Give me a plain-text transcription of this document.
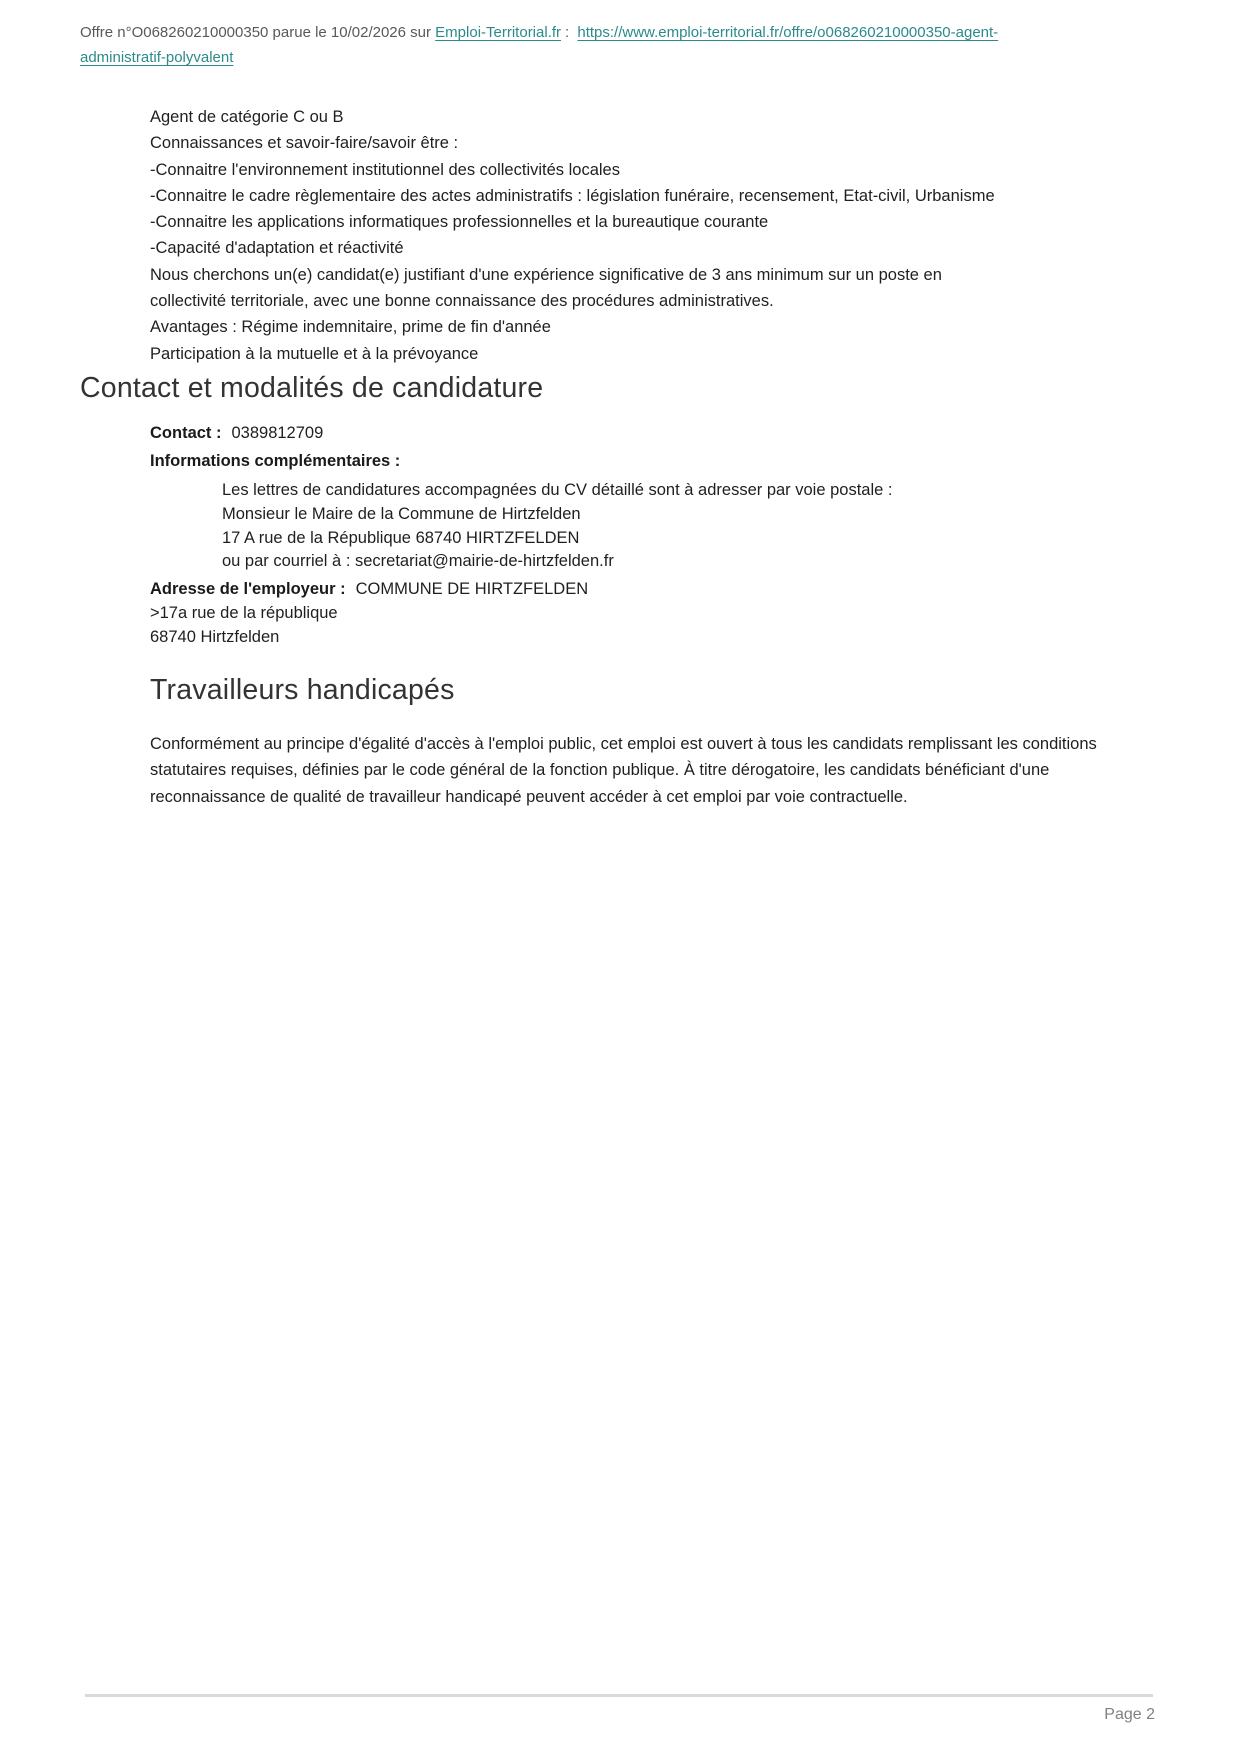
Offre n°O068260210000350 parue le 10/02/2026 sur Emploi-Territorial.fr : https://www.emploi-territorial.fr/offre/o068260210000350-agent-administratif-polyvalent
Agent de catégorie C ou B
Connaissances et savoir-faire/savoir être :
-Connaitre l'environnement institutionnel des collectivités locales
-Connaitre le cadre règlementaire des actes administratifs : législation funéraire, recensement, Etat-civil, Urbanisme
-Connaitre les applications informatiques professionnelles et la bureautique courante
-Capacité d'adaptation et réactivité
Nous cherchons un(e) candidat(e) justifiant d'une expérience significative de 3 ans minimum sur un poste en
collectivité territoriale, avec une bonne connaissance des procédures administratives.
Avantages : Régime indemnitaire, prime de fin d'année
Participation à la mutuelle et à la prévoyance
Contact et modalités de candidature
Contact : 0389812709
Informations complémentaires :
Les lettres de candidatures accompagnées du CV détaillé sont à adresser par voie postale :
Monsieur le Maire de la Commune de Hirtzfelden
17 A rue de la République 68740 HIRTZFELDEN
ou par courriel à : secretariat@mairie-de-hirtzfelden.fr
Adresse de l'employeur : COMMUNE DE HIRTZFELDEN
>17a rue de la république
68740 Hirtzfelden
Travailleurs handicapés
Conformément au principe d'égalité d'accès à l'emploi public, cet emploi est ouvert à tous les candidats remplissant les conditions statutaires requises, définies par le code général de la fonction publique. À titre dérogatoire, les candidats bénéficiant d'une reconnaissance de qualité de travailleur handicapé peuvent accéder à cet emploi par voie contractuelle.
Page 2
